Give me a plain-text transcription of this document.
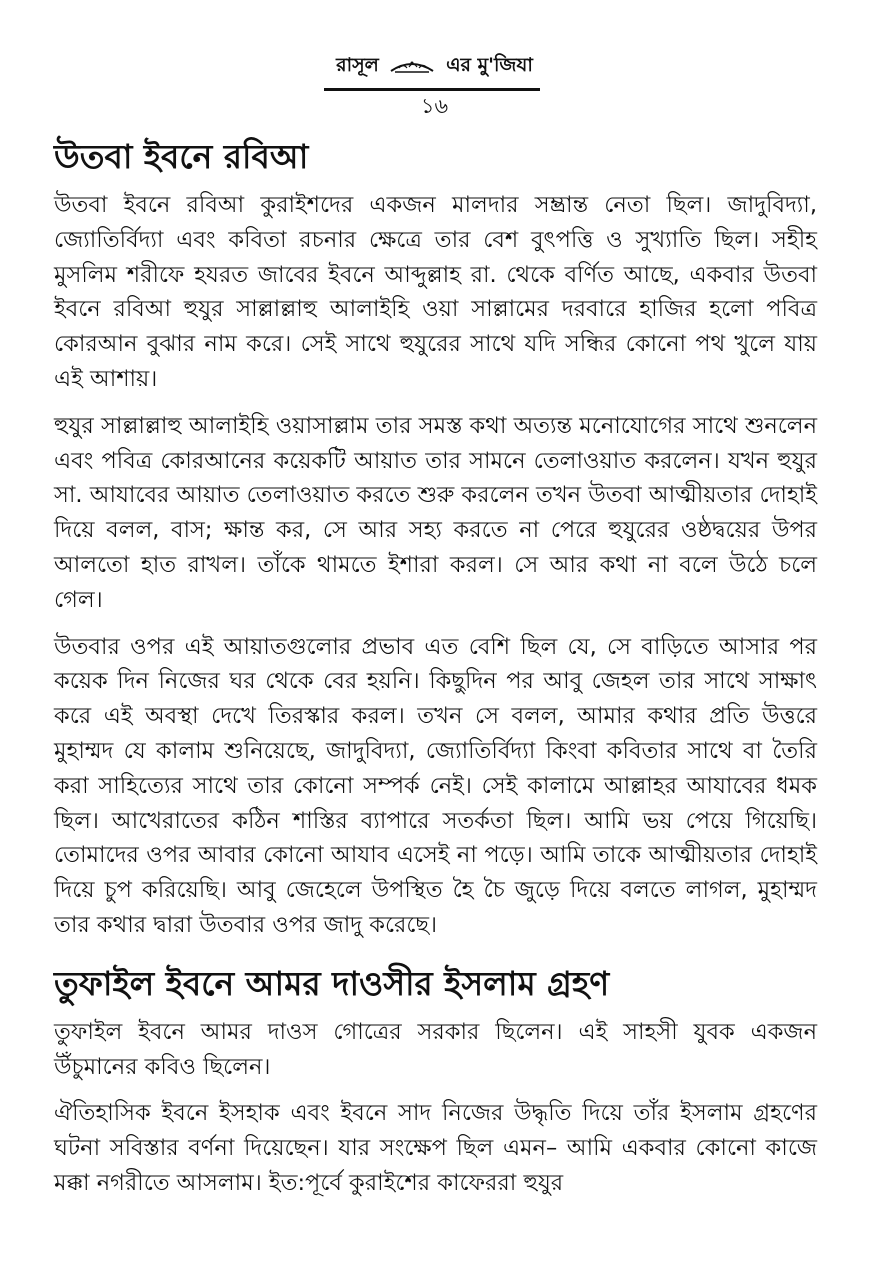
রাসূল	এর মু'জিযা
১৬
উতবা ইবনে রবিআ

উতবা ইবনে রবিআ কুরাইশদের একজন মালদার সম্ভ্রান্ত নেতা ছিল। জাদুবিদ্যা, জ্যোতির্বিদ্যা এবং কবিতা রচনার ক্ষেত্রে তার বেশ বুৎপত্তি ও সুখ্যাতি ছিল। সহীহ মুসলিম শরীফে হযরত জাবের ইবনে আব্দুল্লাহ রা. থেকে বর্ণিত আছে, একবার উতবা ইবনে রবিআ হুযুর সাল্লাল্লাহু আলাইহি ওয়া সাল্লামের দরবারে হাজির হলো পবিত্র কোরআন বুঝার নাম করে। সেই সাথে হুযুরের সাথে যদি সন্ধির কোনো পথ খুলে যায় এই আশায়।

হুযুর সাল্লাল্লাহু আলাইহি ওয়াসাল্লাম তার সমস্ত কথা অত্যন্ত মনোযোগের সাথে শুনলেন এবং পবিত্র কোরআনের কয়েকটি আয়াত তার সামনে তেলাওয়াত করলেন। যখন হুযুর সা. আযাবের আয়াত তেলাওয়াত করতে শুরু করলেন তখন উতবা আত্মীয়তার দোহাই দিয়ে বলল, বাস; ক্ষান্ত কর, সে আর সহ্য করতে না পেরে হুযুরের ওষ্ঠদ্বয়ের উপর আলতো হাত রাখল। তাঁকে থামতে ইশারা করল। সে আর কথা না বলে উঠে চলে গেল।

উতবার ওপর এই আয়াতগুলোর প্রভাব এত বেশি ছিল যে, সে বাড়িতে আসার পর কয়েক দিন নিজের ঘর থেকে বের হয়নি। কিছুদিন পর আবু জেহল তার সাথে সাক্ষাৎ করে এই অবস্থা দেখে তিরস্কার করল। তখন সে বলল, আমার কথার প্রতি উত্তরে মুহাম্মদ যে কালাম শুনিয়েছে, জাদুবিদ্যা, জ্যোতির্বিদ্যা কিংবা কবিতার সাথে বা তৈরি করা সাহিত্যের সাথে তার কোনো সম্পর্ক নেই। সেই কালামে আল্লাহর আযাবের ধমক ছিল। আখেরাতের কঠিন শাস্তির ব্যাপারে সতর্কতা ছিল। আমি ভয় পেয়ে গিয়েছি। তোমাদের ওপর আবার কোনো আযাব এসেই না পড়ে। আমি তাকে আত্মীয়তার দোহাই দিয়ে চুপ করিয়েছি। আবু জেহেলে উপস্থিত হৈ চৈ জুড়ে দিয়ে বলতে লাগল, মুহাম্মদ তার কথার দ্বারা উতবার ওপর জাদু করেছে।

তুফাইল ইবনে আমর দাওসীর ইসলাম গ্রহণ

তুফাইল ইবনে আমর দাওস গোত্রের সরকার ছিলেন। এই সাহসী যুবক একজন উঁচুমানের কবিও ছিলেন।

ঐতিহাসিক ইবনে ইসহাক এবং ইবনে সাদ নিজের উদ্ধৃতি দিয়ে তাঁর ইসলাম গ্রহণের ঘটনা সবিস্তার বর্ণনা দিয়েছেন। যার সংক্ষেপ ছিল এমন– আমি একবার কোনো কাজে মক্কা নগরীতে আসলাম। ইত:পূর্বে কুরাইশের কাফেররা হুযুর
